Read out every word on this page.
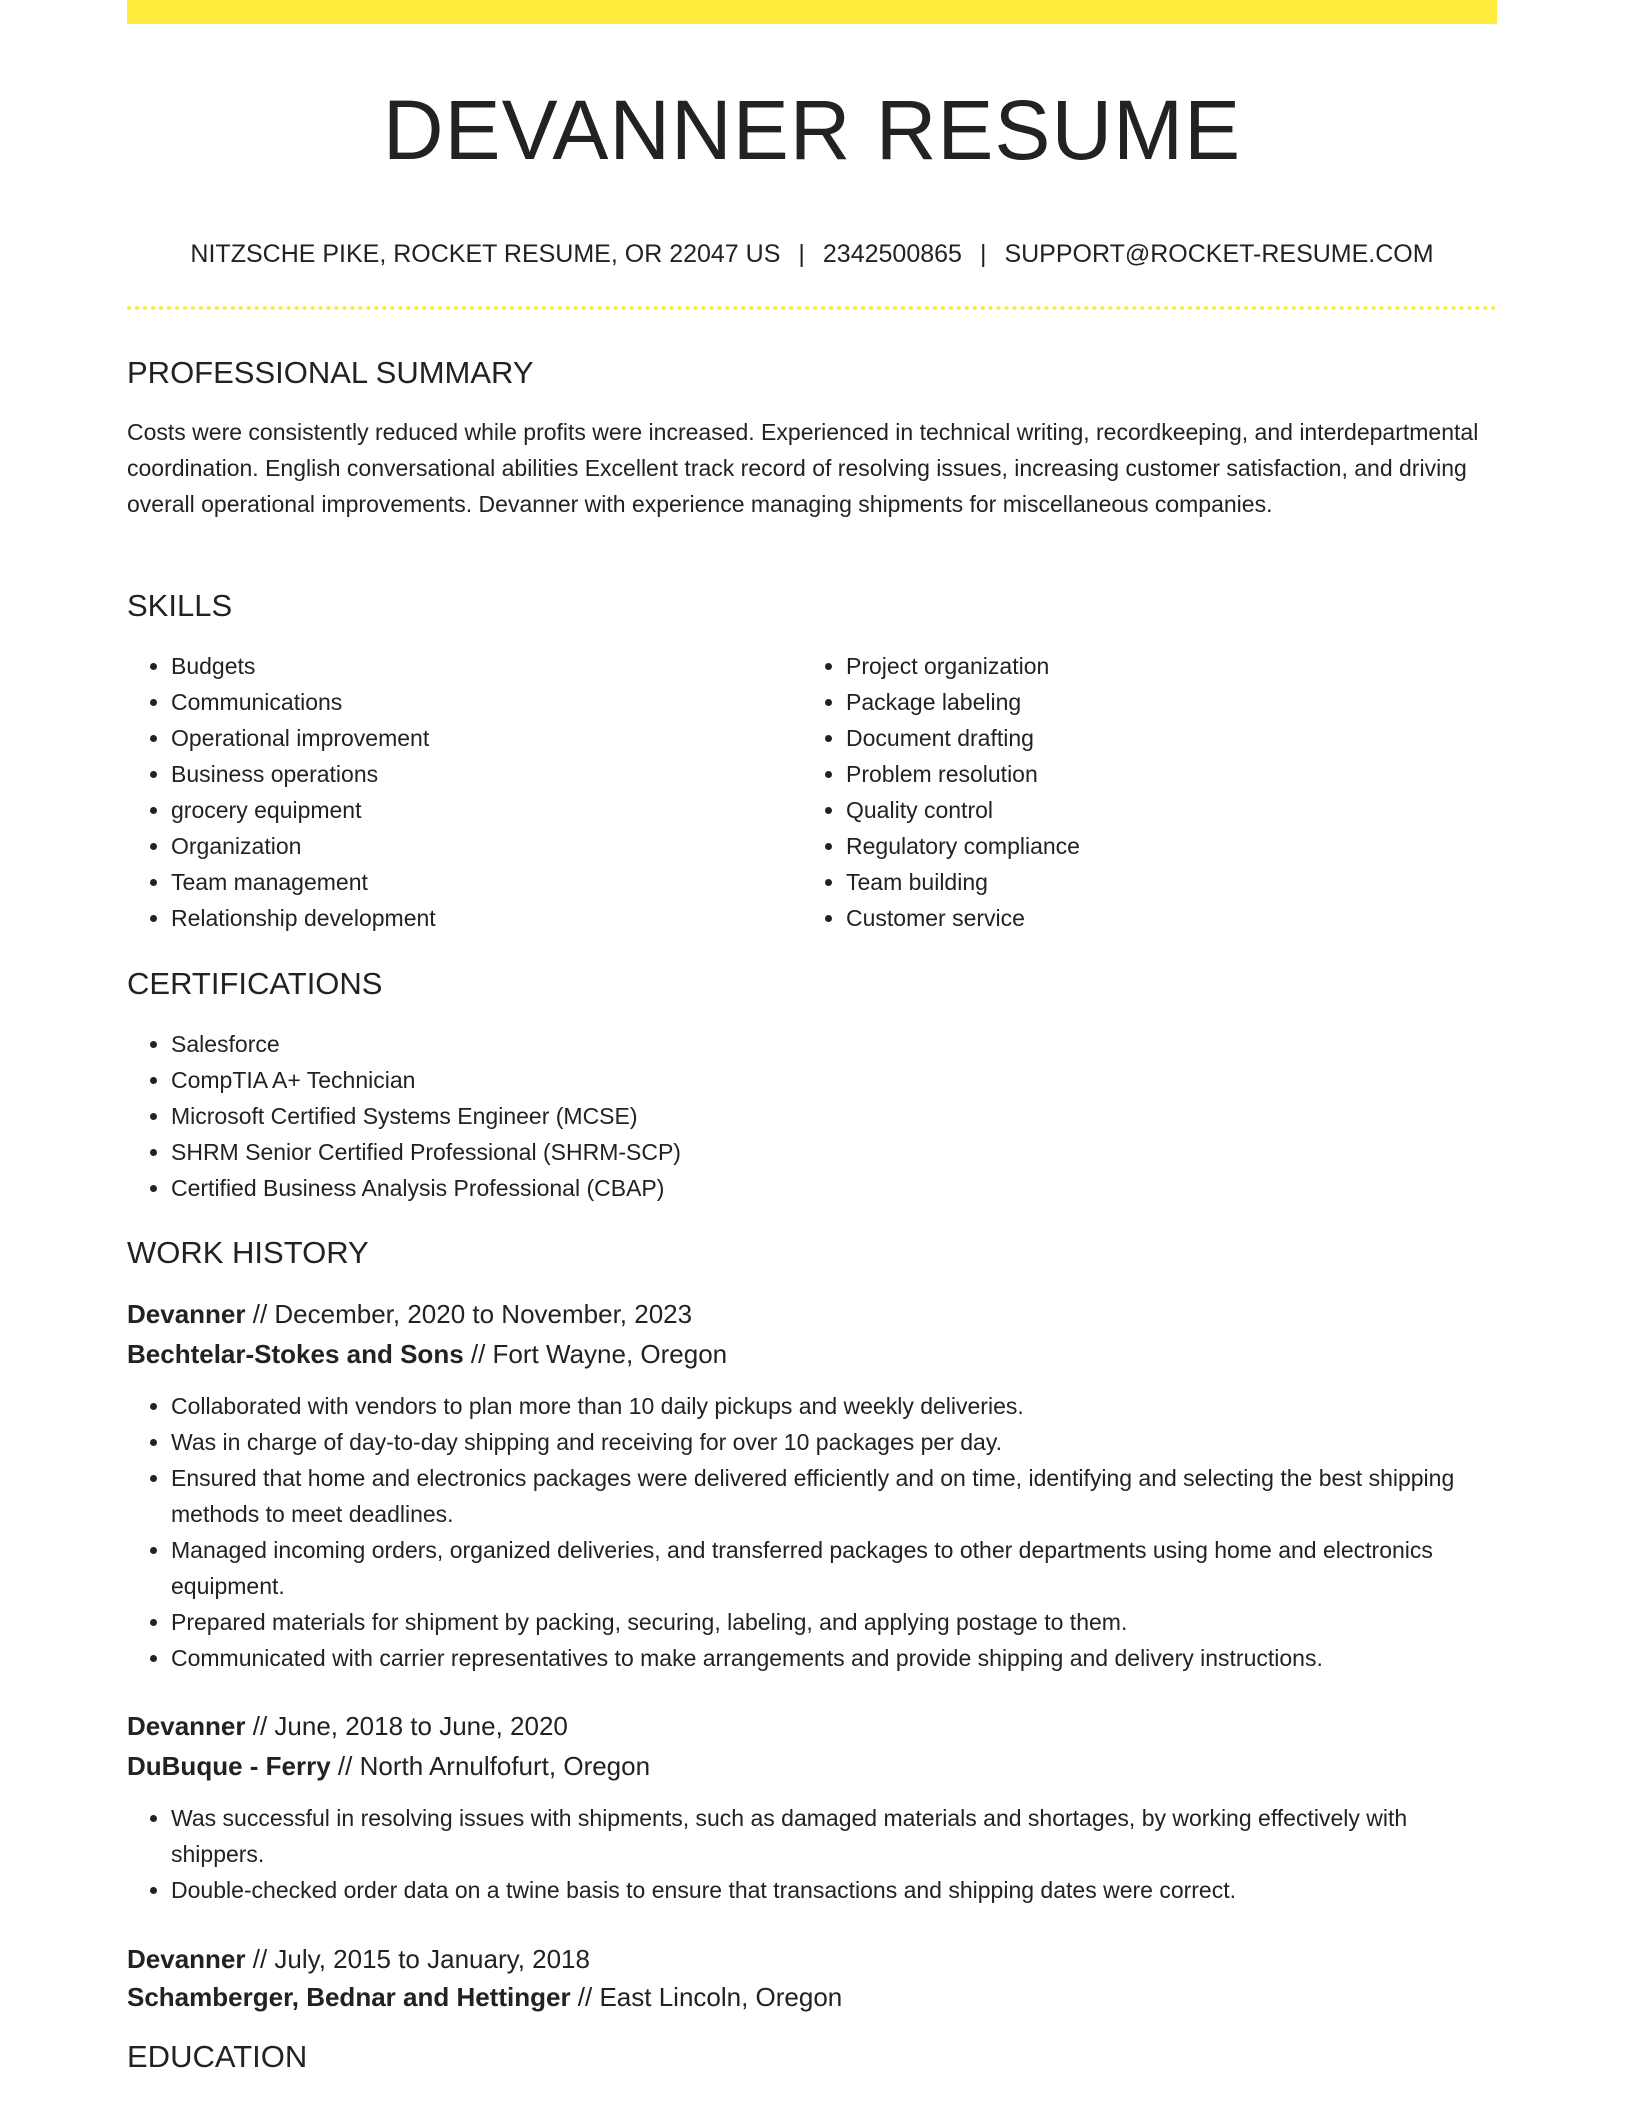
DEVANNER RESUME
NITZSCHE PIKE, ROCKET RESUME, OR 22047 US | 2342500865 | SUPPORT@ROCKET-RESUME.COM
PROFESSIONAL SUMMARY

Costs were consistently reduced while profits were increased. Experienced in technical writing, recordkeeping, and interdepartmental coordination. English conversational abilities Excellent track record of resolving issues, increasing customer satisfaction, and driving overall operational improvements. Devanner with experience managing shipments for miscellaneous companies.

SKILLS
• Budgets
• Communications
• Operational improvement
• Business operations
• grocery equipment
• Organization
• Team management
• Relationship development
• Project organization
• Package labeling
• Document drafting
• Problem resolution
• Quality control
• Regulatory compliance
• Team building
• Customer service
CERTIFICATIONS
• Salesforce
• CompTIA A+ Technician
• Microsoft Certified Systems Engineer (MCSE)
• SHRM Senior Certified Professional (SHRM-SCP)
• Certified Business Analysis Professional (CBAP)
WORK HISTORY
Devanner // December, 2020 to November, 2023
Bechtelar-Stokes and Sons // Fort Wayne, Oregon
• Collaborated with vendors to plan more than 10 daily pickups and weekly deliveries.
• Was in charge of day-to-day shipping and receiving for over 10 packages per day.
• Ensured that home and electronics packages were delivered efficiently and on time, identifying and selecting the best shipping methods to meet deadlines.
• Managed incoming orders, organized deliveries, and transferred packages to other departments using home and electronics equipment.
• Prepared materials for shipment by packing, securing, labeling, and applying postage to them.
• Communicated with carrier representatives to make arrangements and provide shipping and delivery instructions.
Devanner // June, 2018 to June, 2020
DuBuque - Ferry // North Arnulfofurt, Oregon
• Was successful in resolving issues with shipments, such as damaged materials and shortages, by working effectively with shippers.
• Double-checked order data on a twine basis to ensure that transactions and shipping dates were correct.
Devanner // July, 2015 to January, 2018
Schamberger, Bednar and Hettinger // East Lincoln, Oregon
EDUCATION
